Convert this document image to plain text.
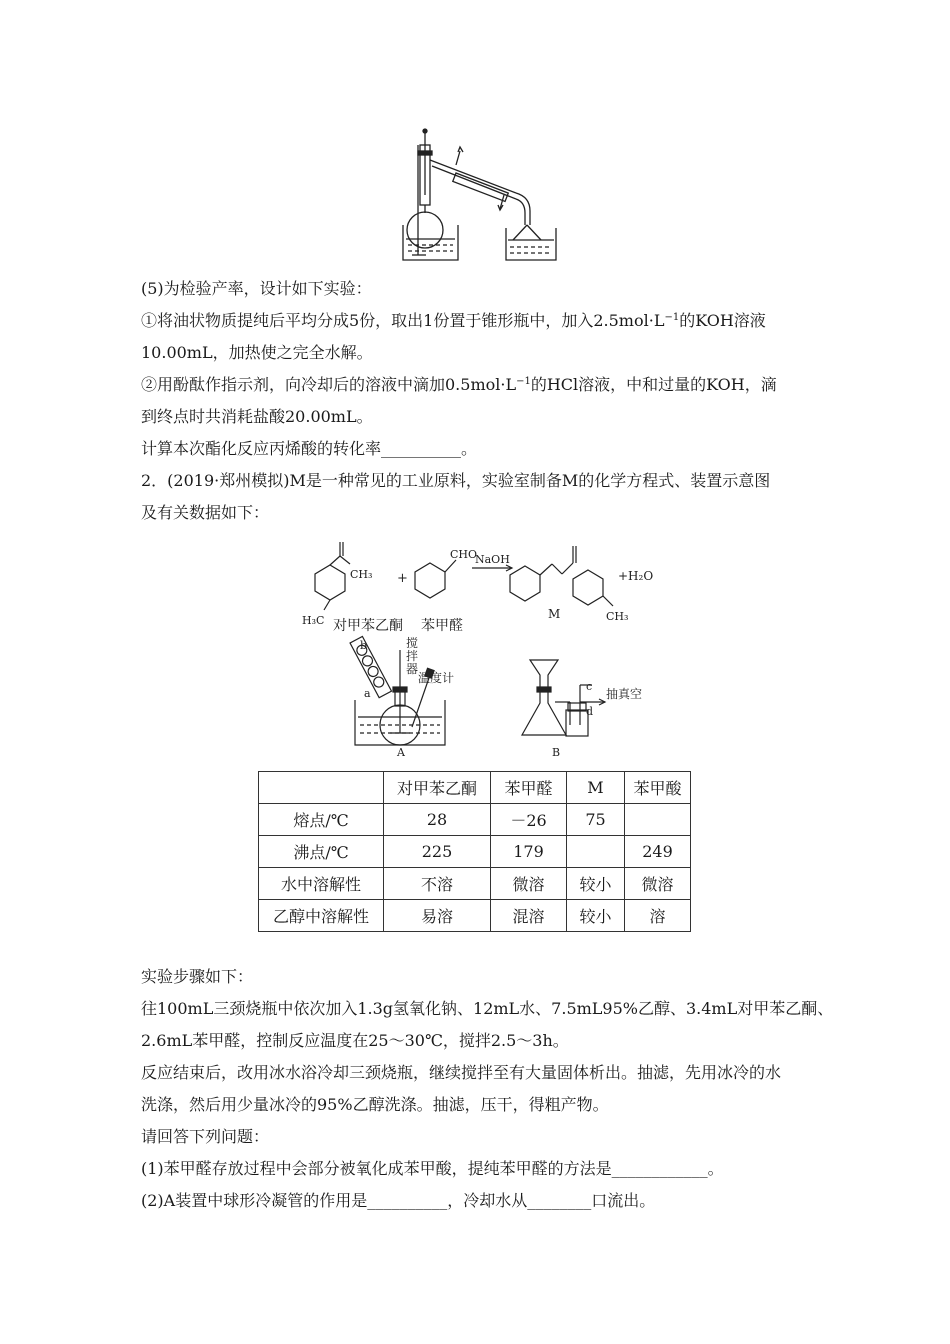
(5)为检验产率，设计如下实验：
①将油状物质提纯后平均分成5份，取出1份置于锥形瓶中，加入$2.5mol\cdot L^{-1}$的KOH溶液
10.00mL，加热使之完全水解。
②用酚酞作指示剂，向冷却后的溶液中滴加$0.5mol\cdot L^{-1}$的HCl溶液，中和过量的KOH，滴
到终点时共消耗盐酸20.00mL。
计算本次酯化反应丙烯酸的转化率__________。
2．(2019·郑州模拟)M是一种常见的工业原料，实验室制备M的化学方程式、装置示意图
及有关数据如下：
H₃C
CH₃ +
CHO
NaOH
CH₃
+H₂O
M
对甲苯乙酮 苯甲醛
a
b	搅
拌
器
温度计
A	B
c
d
抽真空
	对甲苯乙酮	苯甲醛	M	苯甲酸
熔点/℃	28	－26	75	
沸点/℃	225	179		249
水中溶解性	不溶	微溶	较小	微溶
乙醇中溶解性	易溶	混溶	较小	溶
实验步骤如下：
往100mL三颈烧瓶中依次加入1.3g氢氧化钠、12mL水、7.5mL95%乙醇、3.4mL对甲苯乙酮、
2.6mL苯甲醛，控制反应温度在25～30℃，搅拌2.5～3h。
反应结束后，改用冰水浴冷却三颈烧瓶，继续搅拌至有大量固体析出。抽滤，先用冰冷的水
洗涤，然后用少量冰冷的95%乙醇洗涤。抽滤，压干，得粗产物。
请回答下列问题：
(1)苯甲醛存放过程中会部分被氧化成苯甲酸，提纯苯甲醛的方法是____________。
(2)A装置中球形冷凝管的作用是__________，冷却水从________口流出。
